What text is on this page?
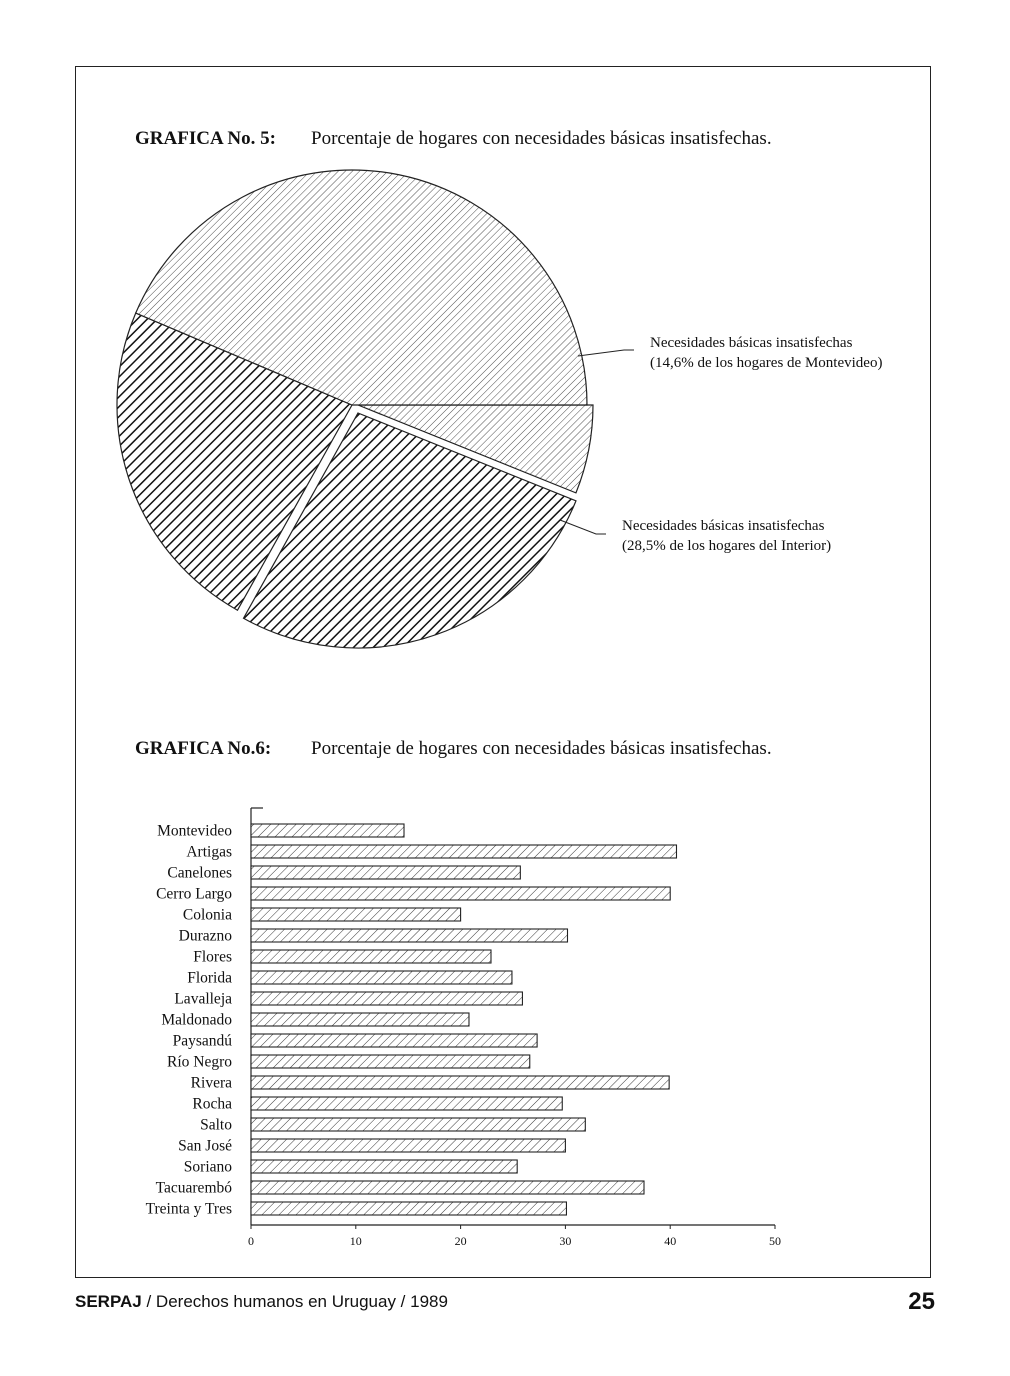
GRAFICA No. 5: Porcentaje de hogares con necesidades básicas insatisfechas.
GRAFICA No.6: Porcentaje de hogares con necesidades básicas insatisfechas.
Necesidades básicas insatisfechas
(14,6% de los hogares de Montevideo)
Necesidades básicas insatisfechas
(28,5% de los hogares del Interior)
Montevideo
Artigas
Canelones
Cerro Largo
Colonia
Durazno
Flores
Florida
Lavalleja
Maldonado
Paysandú
Río Negro
Rivera
Rocha
Salto
San José
Soriano
Tacuarembó
Treinta y Tres
0	10	20	30	40	50
SERPAJ / Derechos humanos en Uruguay / 1989	25
